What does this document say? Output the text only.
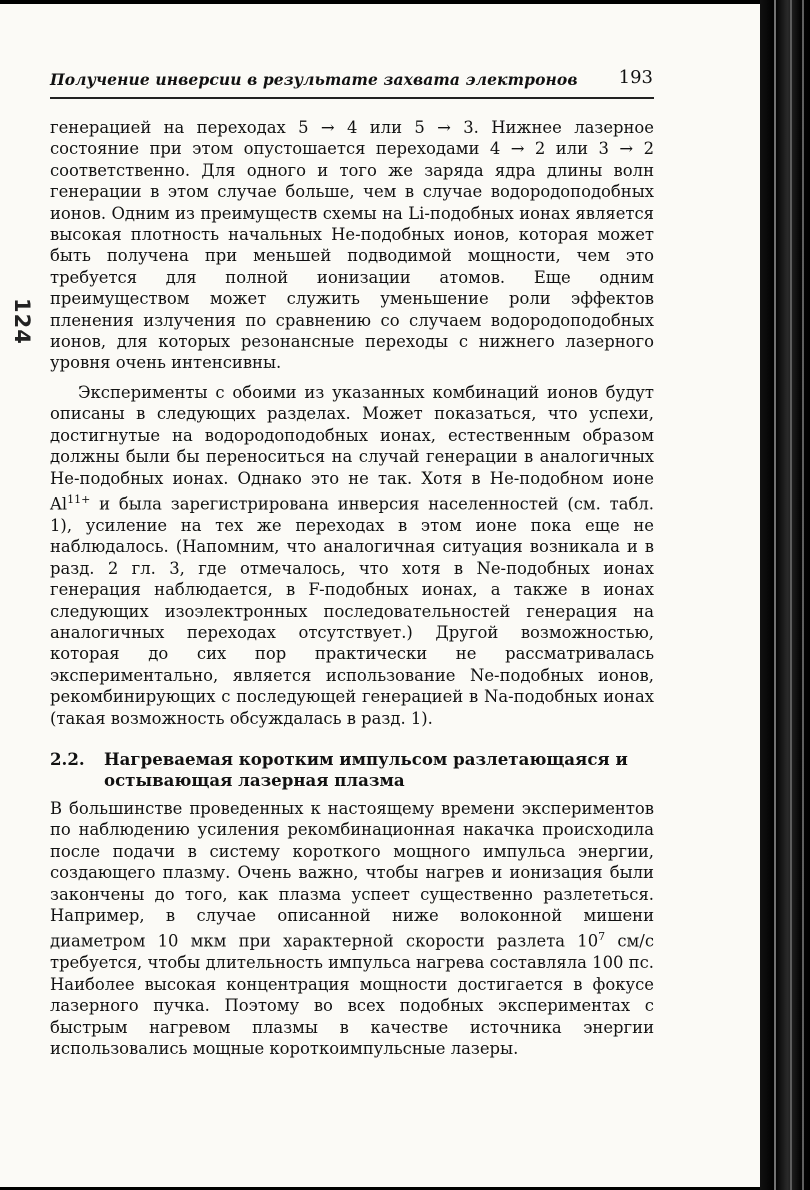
124
Получение инверсии в результате захвата электронов 193

генерацией на переходах 5 → 4 или 5 → 3. Нижнее лазерное состояние при этом опустошается переходами 4 → 2 или 3 → 2 соответственно. Для одного и того же заряда ядра длины волн генерации в этом случае больше, чем в случае водородоподобных ионов. Одним из преимуществ схемы на Li-подобных ионах является высокая плотность начальных He-подобных ионов, которая может быть получена при меньшей подводимой мощности, чем это требуется для полной ионизации атомов. Еще одним преимуществом может служить уменьшение роли эффектов пленения излучения по сравнению со случаем водородоподобных ионов, для которых резонансные переходы с нижнего лазерного уровня очень интенсивны.

Эксперименты с обоими из указанных комбинаций ионов будут описаны в следующих разделах. Может показаться, что успехи, достигнутые на водородоподобных ионах, естественным образом должны были бы переноситься на случай генерации в аналогичных He-подобных ионах. Однако это не так. Хотя в He-подобном ионе $Al^{11+}$ и была зарегистрирована инверсия населенностей (см. табл. 1), усиление на тех же переходах в этом ионе пока еще не наблюдалось. (Напомним, что аналогичная ситуация возникала и в разд. 2 гл. 3, где отмечалось, что хотя в Ne-подобных ионах генерация наблюдается, в F-подобных ионах, а также в ионах следующих изоэлектронных последовательностей генерация на аналогичных переходах отсутствует.) Другой возможностью, которая до сих пор практически не рассматривалась экспериментально, является использование Ne-подобных ионов, рекомбинирующих с последующей генерацией в Na-подобных ионах (такая возможность обсуждалась в разд. 1).

2.2. Нагреваемая коротким импульсом разлетающаяся и остывающая лазерная плазма

В большинстве проведенных к настоящему времени экспериментов по наблюдению усиления рекомбинационная накачка происходила после подачи в систему короткого мощного импульса энергии, создающего плазму. Очень важно, чтобы нагрев и ионизация были закончены до того, как плазма успеет существенно разлететься. Например, в случае описанной ниже волоконной мишени диаметром 10 мкм при характерной скорости разлета $10^7$ см/с требуется, чтобы длительность импульса нагрева составляла 100 пс. Наиболее высокая концентрация мощности достигается в фокусе лазерного пучка. Поэтому во всех подобных экспериментах с быстрым нагревом плазмы в качестве источника энергии использовались мощные короткоимпульсные лазеры.
